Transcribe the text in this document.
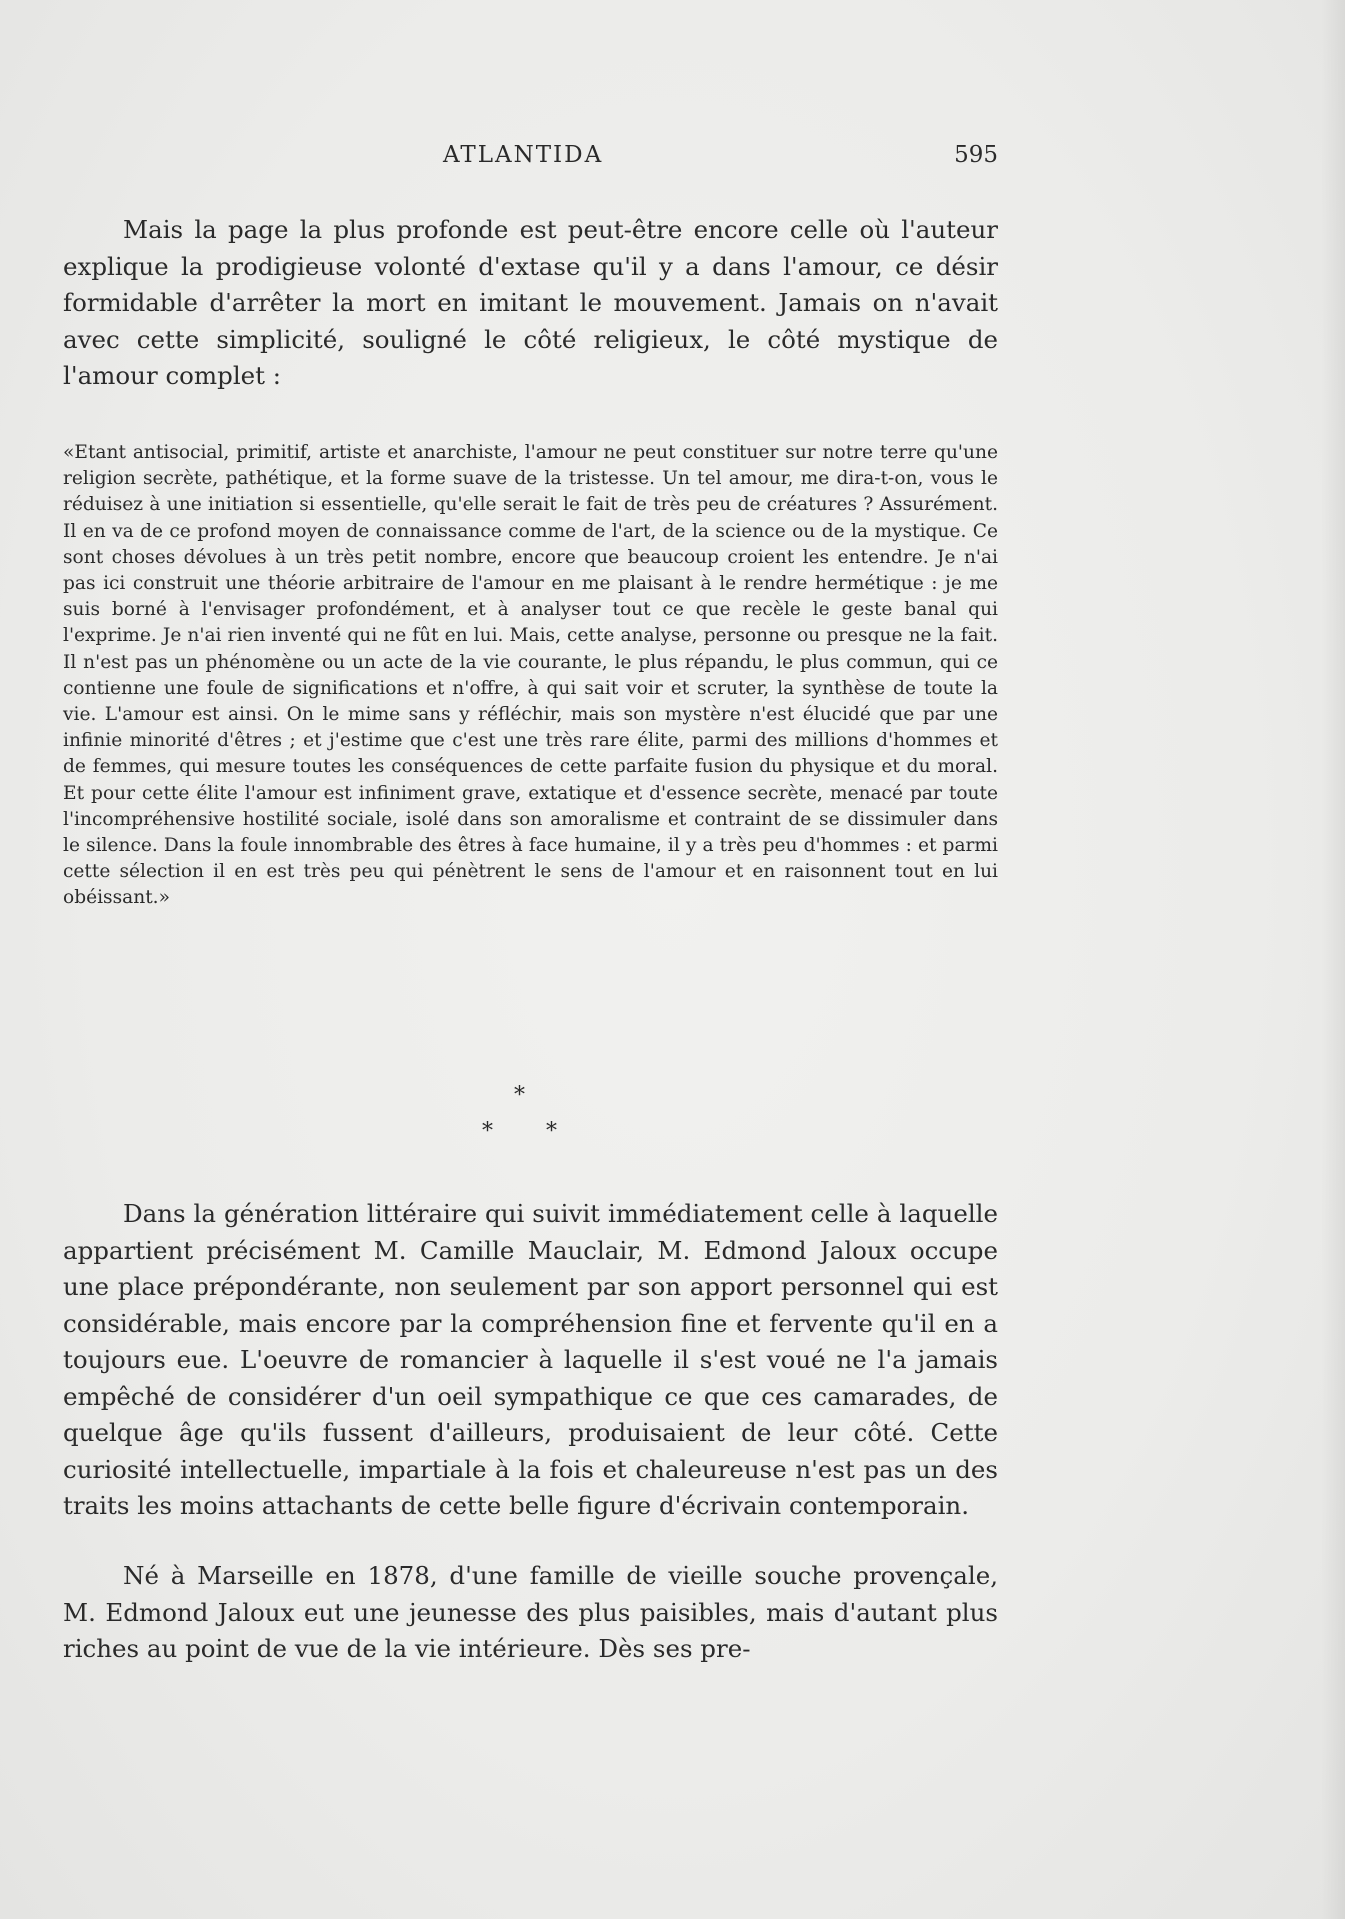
ATLANTIDA	595

Mais la page la plus profonde est peut-être encore celle où l'auteur explique la prodigieuse volonté d'extase qu'il y a dans l'amour, ce désir formidable d'arrêter la mort en imitant le mouvement. Jamais on n'avait avec cette simplicité, souligné le côté religieux, le côté mystique de l'amour complet :

«Etant antisocial, primitif, artiste et anarchiste, l'amour ne peut constituer sur notre terre qu'une religion secrète, pathétique, et la forme suave de la tristesse. Un tel amour, me dira-t-on, vous le réduisez à une initiation si essentielle, qu'elle serait le fait de très peu de créatures ? Assurément. Il en va de ce profond moyen de connaissance comme de l'art, de la science ou de la mystique. Ce sont choses dévolues à un très petit nombre, encore que beaucoup croient les entendre. Je n'ai pas ici construit une théorie arbitraire de l'amour en me plaisant à le rendre hermétique : je me suis borné à l'envisager profondément, et à analyser tout ce que recèle le geste banal qui l'exprime. Je n'ai rien inventé qui ne fût en lui. Mais, cette analyse, personne ou presque ne la fait. Il n'est pas un phénomène ou un acte de la vie courante, le plus répandu, le plus commun, qui ce contienne une foule de significations et n'offre, à qui sait voir et scruter, la synthèse de toute la vie. L'amour est ainsi. On le mime sans y réfléchir, mais son mystère n'est élucidé que par une infinie minorité d'êtres ; et j'estime que c'est une très rare élite, parmi des millions d'hommes et de femmes, qui mesure toutes les conséquences de cette parfaite fusion du physique et du moral. Et pour cette élite l'amour est infiniment grave, extatique et d'essence secrète, menacé par toute l'incompréhensive hostilité sociale, isolé dans son amoralisme et contraint de se dissimuler dans le silence. Dans la foule innombrable des êtres à face humaine, il y a très peu d'hommes : et parmi cette sélection il en est très peu qui pénètrent le sens de l'amour et en raisonnent tout en lui obéissant.»

*
* *

Dans la génération littéraire qui suivit immédiatement celle à laquelle appartient précisément M. Camille Mauclair, M. Edmond Jaloux occupe une place prépondérante, non seulement par son apport personnel qui est considérable, mais encore par la compréhension fine et fervente qu'il en a toujours eue. L'oeuvre de romancier à laquelle il s'est voué ne l'a jamais empêché de considérer d'un oeil sympathique ce que ces camarades, de quelque âge qu'ils fussent d'ailleurs, produisaient de leur côté. Cette curiosité intellectuelle, impartiale à la fois et chaleureuse n'est pas un des traits les moins attachants de cette belle figure d'écrivain contemporain.

Né à Marseille en 1878, d'une famille de vieille souche provençale, M. Edmond Jaloux eut une jeunesse des plus paisibles, mais d'autant plus riches au point de vue de la vie intérieure. Dès ses pre-
